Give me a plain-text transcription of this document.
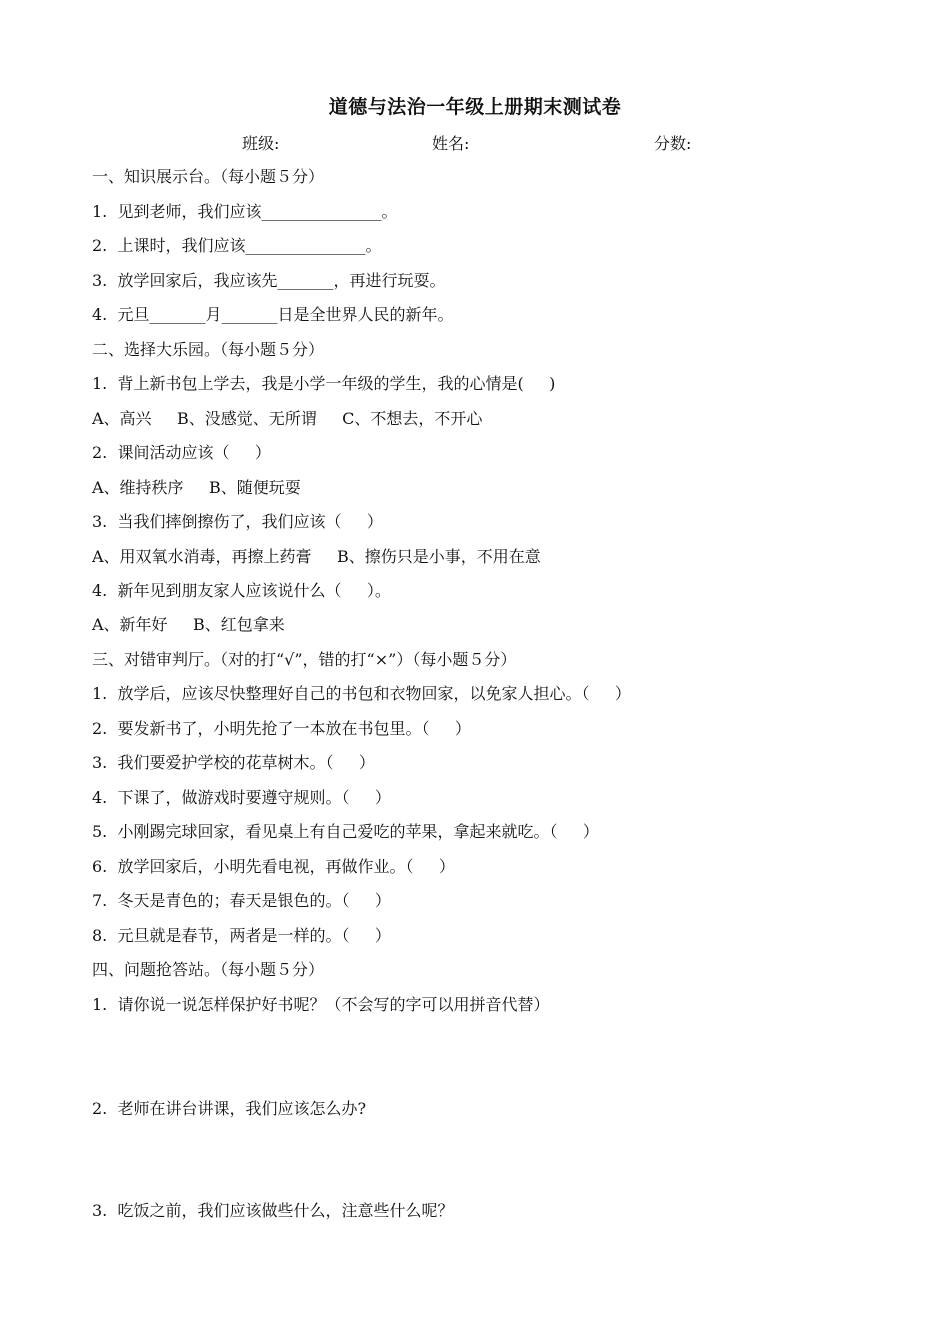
道德与法治一年级上册期末测试卷
班级:	姓名:	分数:
一、知识展示台。（每小题５分）
1.  见到老师，我们应该_______________。
2.  上课时，我们应该_______________。
3.  放学回家后，我应该先_______，再进行玩耍。
4.  元旦_______月_______日是全世界人民的新年。
二、选择大乐园。（每小题５分）
1.  背上新书包上学去，我是小学一年级的学生，我的心情是(     )
A、高兴     B、没感觉、无所谓     C、不想去，不开心
2.  课间活动应该（     ）
A、维持秩序     B、随便玩耍
3.  当我们摔倒擦伤了，我们应该（     ）
A、用双氧水消毒，再擦上药膏     B、擦伤只是小事，不用在意
4.  新年见到朋友家人应该说什么（     ）。
A、新年好     B、红包拿来
三、对错审判厅。（对的打“√”，错的打“×”）（每小题５分）
1.  放学后，应该尽快整理好自己的书包和衣物回家，以免家人担心。（     ）
2.  要发新书了，小明先抢了一本放在书包里。（     ）
3.  我们要爱护学校的花草树木。（     ）
4.  下课了，做游戏时要遵守规则。（     ）
5.  小刚踢完球回家，看见桌上有自己爱吃的苹果，拿起来就吃。（     ）
6.  放学回家后，小明先看电视，再做作业。（     ）
7.  冬天是青色的；春天是银色的。（     ）
8.  元旦就是春节，两者是一样的。（     ）
四、问题抢答站。（每小题５分）
1.  请你说一说怎样保护好书呢？（不会写的字可以用拼音代替）
2.  老师在讲台讲课，我们应该怎么办?
3.  吃饭之前，我们应该做些什么，注意些什么呢？
